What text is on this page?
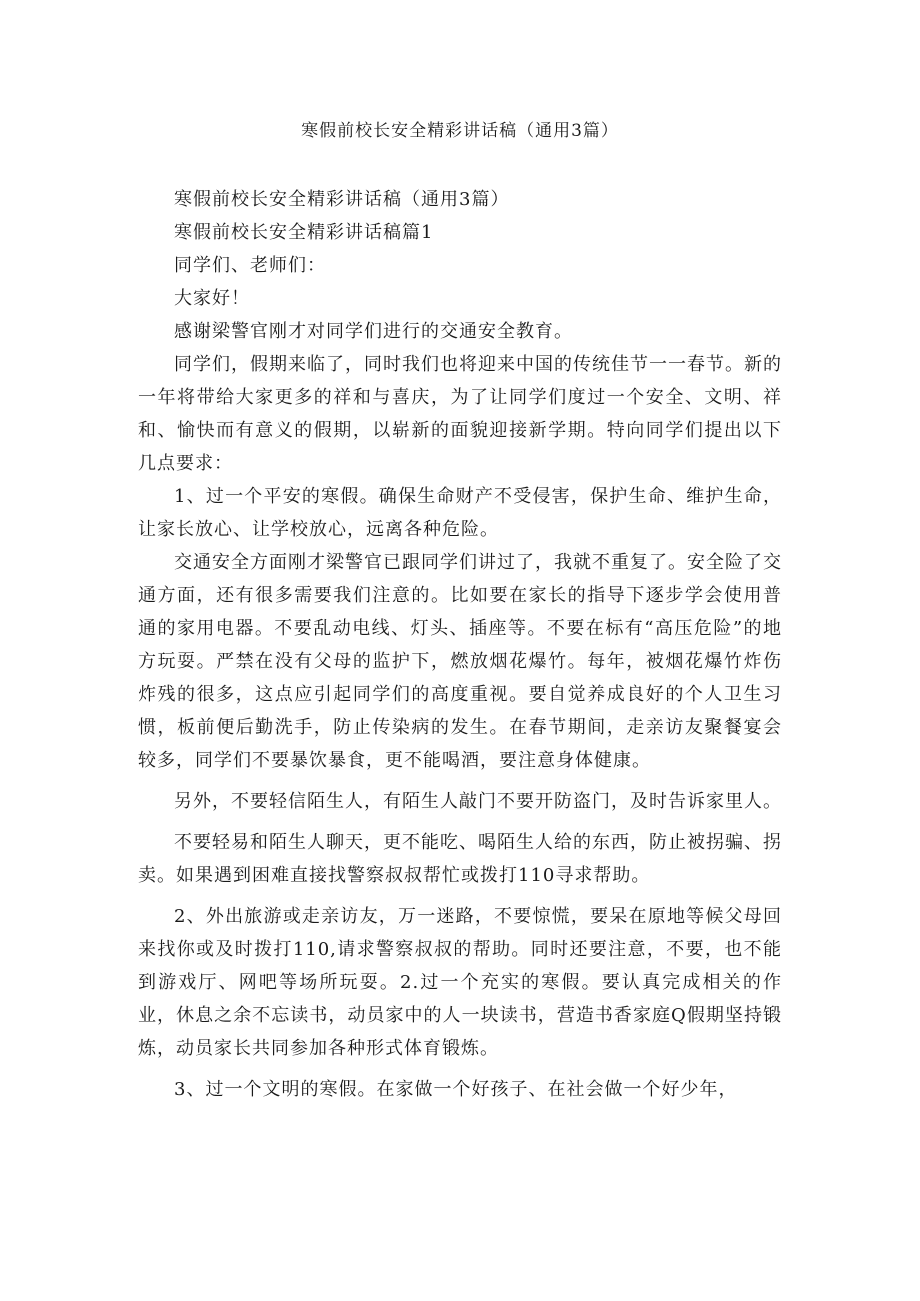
寒假前校长安全精彩讲话稿（通用3篇）

寒假前校长安全精彩讲话稿（通用3篇）

寒假前校长安全精彩讲话稿篇1

同学们、老师们：

大家好！

感谢梁警官刚才对同学们进行的交通安全教育。

同学们，假期来临了，同时我们也将迎来中国的传统佳节一一春节。新的一年将带给大家更多的祥和与喜庆，为了让同学们度过一个安全、文明、祥和、愉快而有意义的假期，以崭新的面貌迎接新学期。特向同学们提出以下几点要求：

1、过一个平安的寒假。确保生命财产不受侵害，保护生命、维护生命，让家长放心、让学校放心，远离各种危险。

交通安全方面刚才梁警官已跟同学们讲过了，我就不重复了。安全险了交通方面，还有很多需要我们注意的。比如要在家长的指导下逐步学会使用普通的家用电器。不要乱动电线、灯头、插座等。不要在标有“高压危险”的地方玩耍。严禁在没有父母的监护下，燃放烟花爆竹。每年，被烟花爆竹炸伤炸残的很多，这点应引起同学们的高度重视。要自觉养成良好的个人卫生习惯，板前便后勤洗手，防止传染病的发生。在春节期间，走亲访友聚餐宴会较多，同学们不要暴饮暴食，更不能喝酒，要注意身体健康。

另外，不要轻信陌生人，有陌生人敲门不要开防盗门，及时告诉家里人。

不要轻易和陌生人聊天，更不能吃、喝陌生人给的东西，防止被拐骗、拐卖。如果遇到困难直接找警察叔叔帮忙或拨打110寻求帮助。

2、外出旅游或走亲访友，万一迷路，不要惊慌，要呆在原地等候父母回来找你或及时拨打110,请求警察叔叔的帮助。同时还要注意，不要，也不能到游戏厅、网吧等场所玩耍。2.过一个充实的寒假。要认真完成相关的作业，休息之余不忘读书，动员家中的人一块读书，营造书香家庭Q假期坚持锻炼，动员家长共同参加各种形式体育锻炼。

3、过一个文明的寒假。在家做一个好孩子、在社会做一个好少年，
